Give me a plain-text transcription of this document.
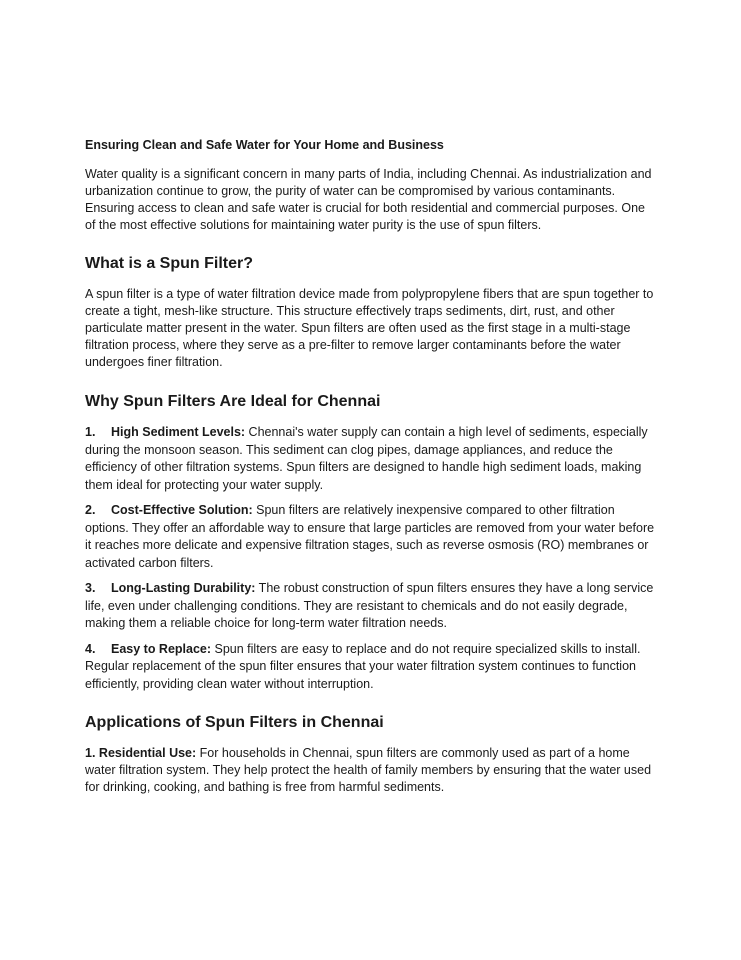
Ensuring Clean and Safe Water for Your Home and Business

Water quality is a significant concern in many parts of India, including Chennai. As industrialization and urbanization continue to grow, the purity of water can be compromised by various contaminants. Ensuring access to clean and safe water is crucial for both residential and commercial purposes. One of the most effective solutions for maintaining water purity is the use of spun filters.

What is a Spun Filter?

A spun filter is a type of water filtration device made from polypropylene fibers that are spun together to create a tight, mesh-like structure. This structure effectively traps sediments, dirt, rust, and other particulate matter present in the water. Spun filters are often used as the first stage in a multi-stage filtration process, where they serve as a pre-filter to remove larger contaminants before the water undergoes finer filtration.

Why Spun Filters Are Ideal for Chennai

1. High Sediment Levels: Chennai's water supply can contain a high level of sediments, especially during the monsoon season. This sediment can clog pipes, damage appliances, and reduce the efficiency of other filtration systems. Spun filters are designed to handle high sediment loads, making them ideal for protecting your water supply.

2. Cost-Effective Solution: Spun filters are relatively inexpensive compared to other filtration options. They offer an affordable way to ensure that large particles are removed from your water before it reaches more delicate and expensive filtration stages, such as reverse osmosis (RO) membranes or activated carbon filters.

3. Long-Lasting Durability: The robust construction of spun filters ensures they have a long service life, even under challenging conditions. They are resistant to chemicals and do not easily degrade, making them a reliable choice for long-term water filtration needs.

4. Easy to Replace: Spun filters are easy to replace and do not require specialized skills to install. Regular replacement of the spun filter ensures that your water filtration system continues to function efficiently, providing clean water without interruption.

Applications of Spun Filters in Chennai

1. Residential Use: For households in Chennai, spun filters are commonly used as part of a home water filtration system. They help protect the health of family members by ensuring that the water used for drinking, cooking, and bathing is free from harmful sediments.
